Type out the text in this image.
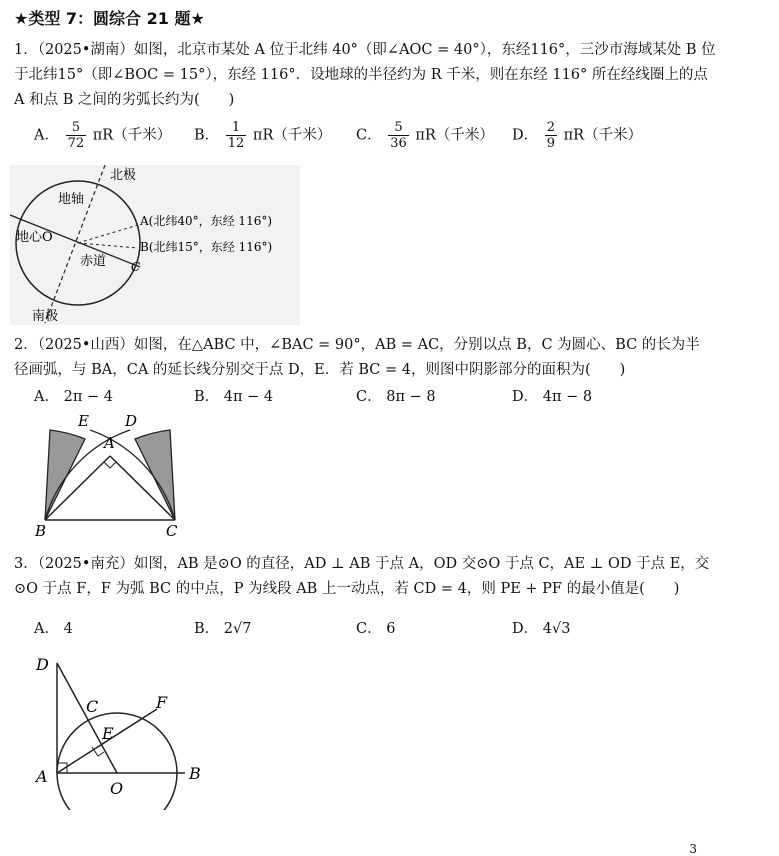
★类型 7：圆综合 21 题★
1．（2025•湖南）如图，北京市某处 A 位于北纬 40°（即∠AOC = 40°），东经116°，三沙市海域某处 B 位
于北纬15°（即∠BOC = 15°），东经 116°．设地球的半径约为 R 千米，则在东经 116° 所在经线圈上的点
A 和点 B 之间的劣弧长约为(　　)
A． $\frac{5}{72} \pi R$（千米） B． $\frac{1}{12} \pi R$（千米） C． $\frac{5}{36} \pi R$（千米） D． $\frac{2}{9} \pi R$（千米）
北极
地轴
地心O
赤道
A(北纬40°，东经 116°)
B(北纬15°，东经 116°)
C
南极
2．（2025•山西）如图，在△ABC 中，∠BAC = 90°，AB = AC，分别以点 B，C 为圆心、BC 的长为半
径画弧，与 BA，CA 的延长线分别交于点 D，E．若 BC = 4，则图中阴影部分的面积为(　　)
A． 2π − 4	B． 4π − 4	C． 8π − 8	D． 4π − 8
E D
A
B	C
3．（2025•南充）如图，AB 是⊙O 的直径，AD ⊥ AB 于点 A，OD 交⊙O 于点 C，AE ⊥ OD 于点 E，交
⊙O 于点 F，F 为弧 BC 的中点，P 为线段 AB 上一动点，若 CD = 4，则 PE + PF 的最小值是(　　)
A． 4	B． 2√7	C． 6	D． 4√3
D
C	F
E
A
O
B
3
